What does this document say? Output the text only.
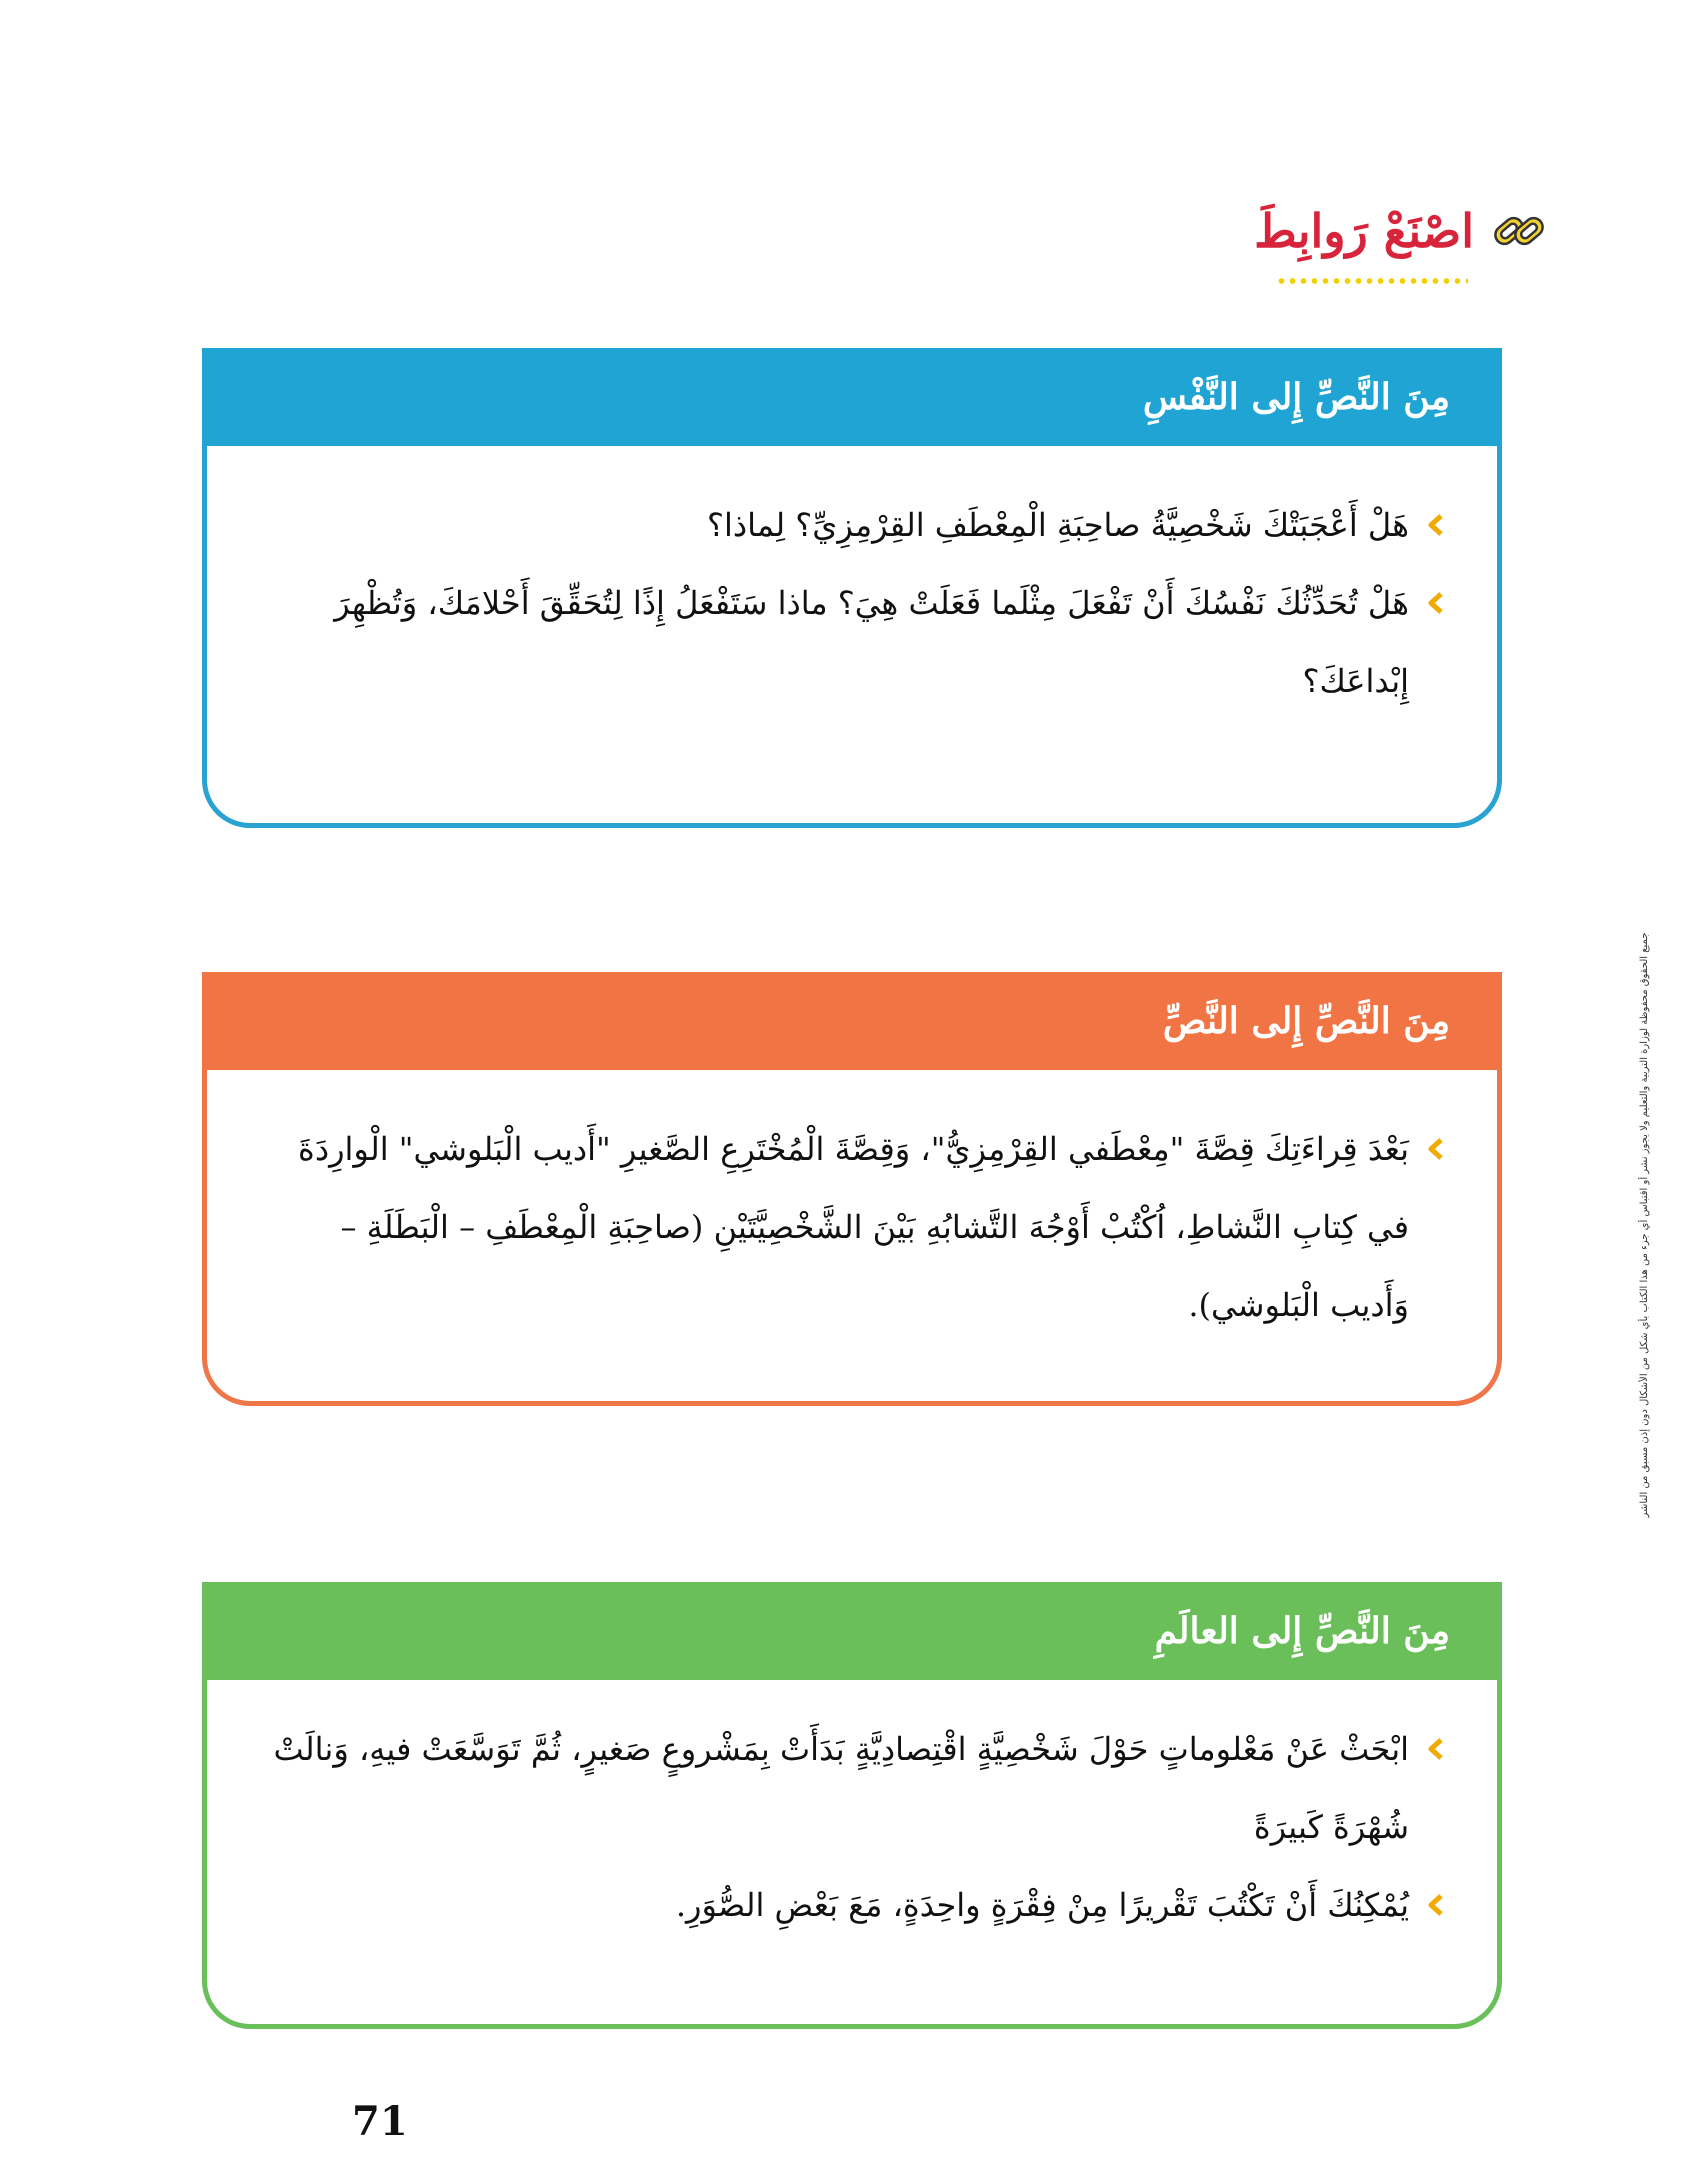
اصْنَعْ رَوابِطَ
مِنَ النَّصِّ إِلى النَّفْسِ
هَلْ أَعْجَبَتْكَ شَخْصِيَّةُ صاحِبَةِ الْمِعْطَفِ القِرْمِزِيِّ؟ لِماذا؟
هَلْ تُحَدِّثُكَ نَفْسُكَ أَنْ تَفْعَلَ مِثْلَما فَعَلَتْ هِيَ؟ ماذا سَتَفْعَلُ إِذًا لِتُحَقِّقَ أَحْلامَكَ، وَتُظْهِرَ إِبْداعَكَ؟
مِنَ النَّصِّ إِلى النَّصِّ
بَعْدَ قِراءَتِكَ قِصَّةَ "مِعْطَفي القِرْمِزِيُّ"، وَقِصَّةَ الْمُخْتَرِعِ الصَّغيرِ "أَديب الْبَلوشي" الْوارِدَةَ في كِتابِ النَّشاطِ، اُكْتُبْ أَوْجُهَ التَّشابُهِ بَيْنَ الشَّخْصِيَّتَيْنِ (صاحِبَةِ الْمِعْطَفِ – الْبَطَلَةِ – وَأَديب الْبَلوشي).
مِنَ النَّصِّ إِلى العالَمِ
ابْحَثْ عَنْ مَعْلوماتٍ حَوْلَ شَخْصِيَّةٍ اقْتِصادِيَّةٍ بَدَأَتْ بِمَشْروعٍ صَغيرٍ، ثُمَّ تَوَسَّعَتْ فيهِ، وَنالَتْ شُهْرَةً كَبيرَةً
يُمْكِنُكَ أَنْ تَكْتُبَ تَقْريرًا مِنْ فِقْرَةٍ واحِدَةٍ، مَعَ بَعْضِ الصُّوَرِ.
جميع الحقوق محفوظة لوزارة التربية والتعليم ولا يجوز نشر أو اقتباس أي جزء من هذا الكتاب بأي شكل من الأشكال دون إذن مسبق من الناشر
71
